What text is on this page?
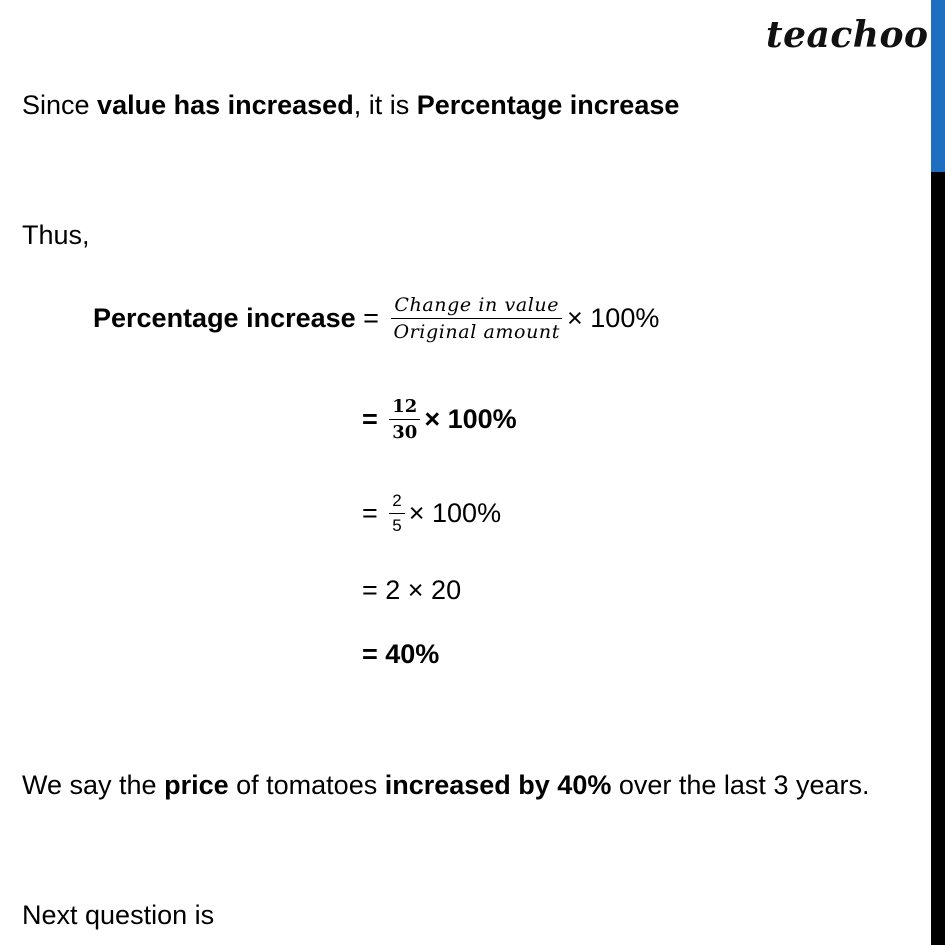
teachoo
Since value has increased, it is Percentage increase
Thus,
Percentage increase = $\frac{\text{Change in value}}{\text{Original amount}} \times 100\%$
= $\frac{12}{30} \times 100\%$
= $\frac{2}{5} \times 100\%$
= 2 × 20
= 40%
We say the price of tomatoes increased by 40% over the last 3 years.
Next question is
